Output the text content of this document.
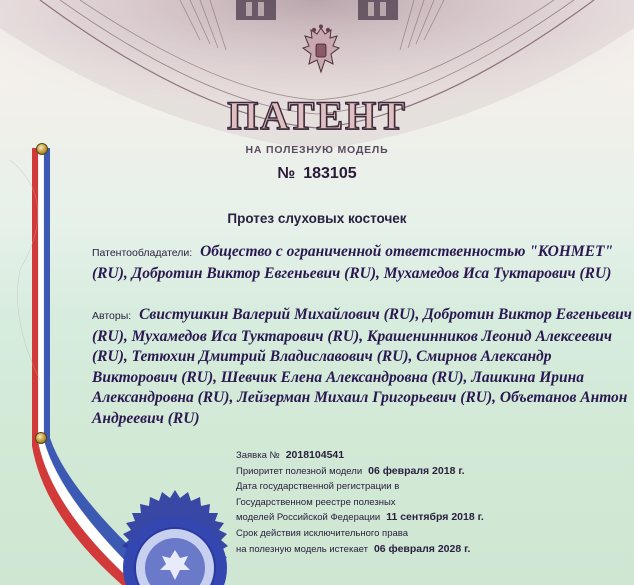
ПАТЕНТ
НА ПОЛЕЗНУЮ МОДЕЛЬ
№ 183105
Протез слуховых косточек
Патентообладатели: Общество с ограниченной ответственностью "КОНМЕТ" (RU), Добротин Виктор Евгеньевич (RU), Мухамедов Иса Туктарович (RU)
Авторы: Свистушкин Валерий Михайлович (RU), Добротин Виктор Евгеньевич (RU), Мухамедов Иса Туктарович (RU), Крашенинников Леонид Алексеевич (RU), Тетюхин Дмитрий Владиславович (RU), Смирнов Александр Викторович (RU), Шевчик Елена Александровна (RU), Лашкина Ирина Александровна (RU), Лейзерман Михаил Григорьевич (RU), Объетанов Антон Андреевич (RU)
Заявка № 2018104541
Приоритет полезной модели 06 февраля 2018 г.
Дата государственной регистрации в
Государственном реестре полезных
моделей Российской Федерации 11 сентября 2018 г.
Срок действия исключительного права
на полезную модель истекает 06 февраля 2028 г.
